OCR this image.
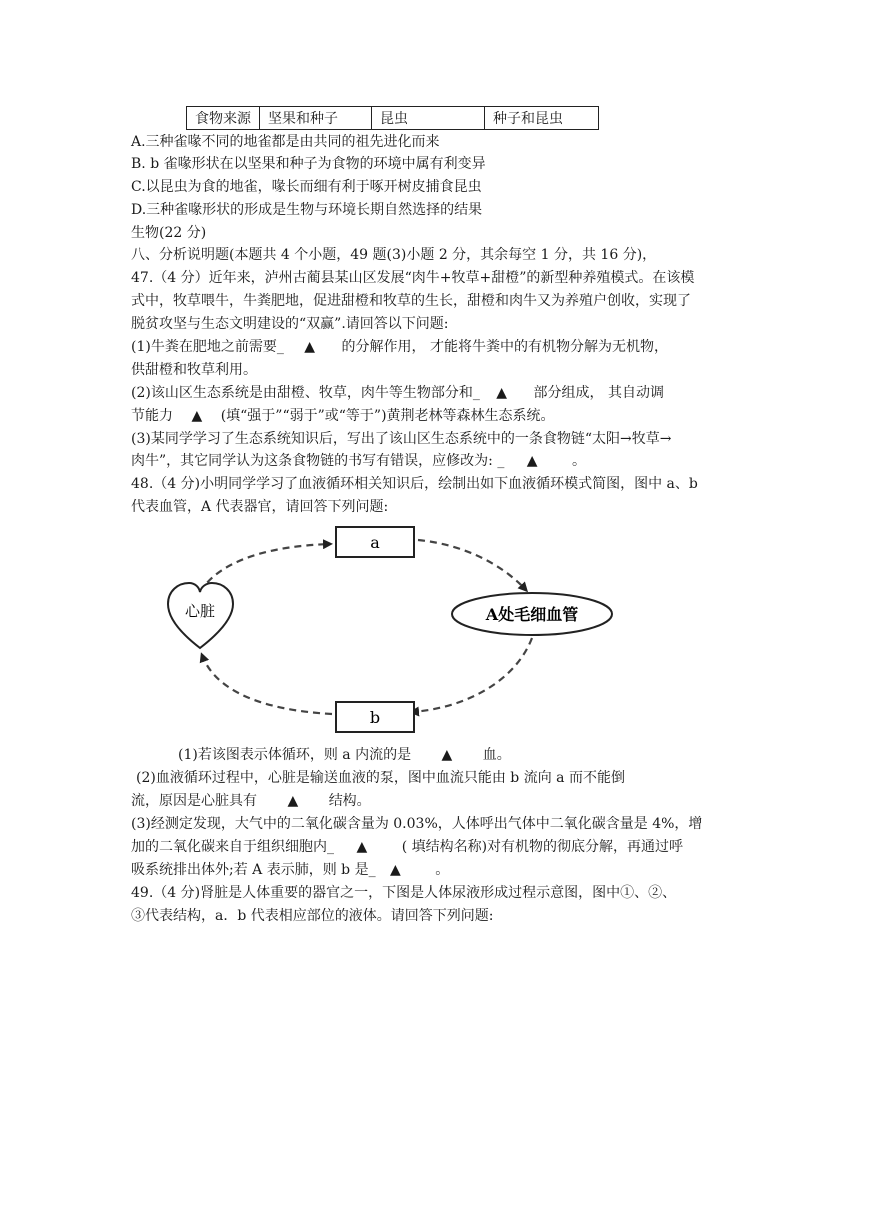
食物来源	坚果和种子	昆虫	种子和昆虫
A.三种雀喙不同的地雀都是由共同的祖先进化而来
B. b 雀喙形状在以坚果和种子为食物的环境中属有利变异
C.以昆虫为食的地雀，喙长而细有利于啄开树皮捕食昆虫
D.三种雀喙形状的形成是生物与环境长期自然选择的结果
生物(22 分)
八、分析说明题(本题共 4 个小题，49 题(3)小题 2 分，其余每空 1 分，共 16 分)，
47.（4 分）近年来，泸州古蔺县某山区发展“肉牛+牧草+甜橙”的新型种养殖模式。在该模
式中，牧草喂牛，牛粪肥地，促进甜橙和牧草的生长，甜橙和肉牛又为养殖户创收，实现了
脱贫攻坚与生态文明建设的“双赢”.请回答以下问题:
(1)牛粪在肥地之前需要_ ▲ 的分解作用， 才能将牛粪中的有机物分解为无机物，
供甜橙和牧草利用。
(2)该山区生态系统是由甜橙、牧草，肉牛等生物部分和_ ▲ 部分组成， 其自动调
节能力 ▲ (填“强于”“弱于”或“等于”)黄荆老林等森林生态系统。
(3)某同学学习了生态系统知识后，写出了该山区生态系统中的一条食物链“太阳→牧草→
肉牛”，其它同学认为这条食物链的书写有错误，应修改为: _ ▲ 。
48.（4 分)小明同学学习了血液循环相关知识后，绘制出如下血液循环模式简图，图中 a、b
代表血管，A 代表器官，请回答下列问题:
a
A处毛细血管
b
心脏
(1)若该图表示体循环，则 a 内流的是 ▲ 血。
(2)血液循环过程中，心脏是输送血液的泵，图中血流只能由 b 流向 a 而不能倒
流，原因是心脏具有 ▲ 结构。
(3)经测定发现，大气中的二氧化碳含量为 0.03%，人体呼出气体中二氧化碳含量是 4%，增
加的二氧化碳来自于组织细胞内_ ▲ ( 填结构名称)对有机物的彻底分解，再通过呼
吸系统排出体外;若 A 表示肺，则 b 是_ ▲ 。
49.（4 分)肾脏是人体重要的器官之一，下图是人体尿液形成过程示意图，图中①、②、
③代表结构，a．b 代表相应部位的液体。请回答下列问题:
